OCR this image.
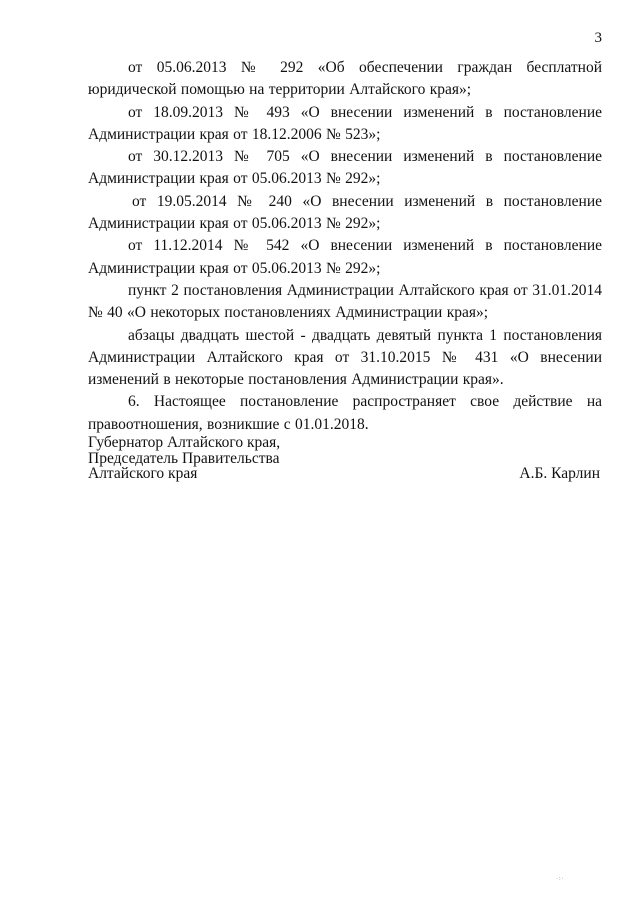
3

от 05.06.2013 № 292 «Об обеспечении граждан бесплатной юридической помощью на территории Алтайского края»;

от 18.09.2013 № 493 «О внесении изменений в постановление Администрации края от 18.12.2006 № 523»;

от 30.12.2013 № 705 «О внесении изменений в постановление Администрации края от 05.06.2013 № 292»;

от 19.05.2014 № 240 «О внесении изменений в постановление Администрации края от 05.06.2013 № 292»;

от 11.12.2014 № 542 «О внесении изменений в постановление Администрации края от 05.06.2013 № 292»;

пункт 2 постановления Администрации Алтайского края от 31.01.2014 № 40 «О некоторых постановлениях Администрации края»;

абзацы двадцать шестой - двадцать девятый пункта 1 постановления Администрации Алтайского края от 31.10.2015 № 431 «О внесении изменений в некоторые постановления Администрации края».

6. Настоящее постановление распространяет свое действие на правоотношения, возникшие с 01.01.2018.

Губернатор Алтайского края,

Председатель Правительства

Алтайского края	А.Б. Карлин
·:·
